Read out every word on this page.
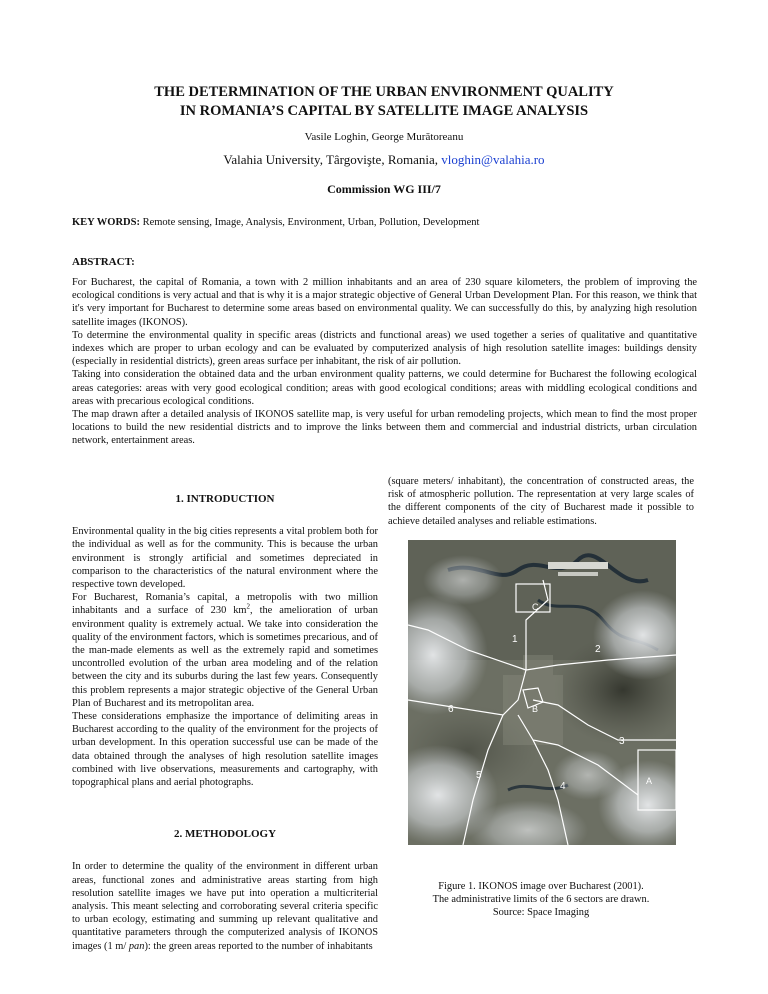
THE DETERMINATION OF THE URBAN ENVIRONMENT QUALITY
IN ROMANIA’S CAPITAL BY SATELLITE IMAGE ANALYSIS
Vasile Loghin, George Murătoreanu
Valahia University, Târgovişte, Romania, vloghin@valahia.ro
Commission WG III/7
KEY WORDS: Remote sensing, Image, Analysis, Environment, Urban, Pollution, Development
ABSTRACT:

For Bucharest, the capital of Romania, a town with 2 million inhabitants and an area of 230 square kilometers, the problem of improving the ecological conditions is very actual and that is why it is a major strategic objective of General Urban Development Plan. For this reason, we think that it's very important for Bucharest to determine some areas based on environmental quality. We can successfully do this, by analyzing high resolution satellite images (IKONOS).

To determine the environmental quality in specific areas (districts and functional areas) we used together a series of qualitative and quantitative indexes which are proper to urban ecology and can be evaluated by computerized analysis of high resolution satellite images: buildings density (especially in residential districts), green areas surface per inhabitant, the risk of air pollution.

Taking into consideration the obtained data and the urban environment quality patterns, we could determine for Bucharest the following ecological areas categories: areas with very good ecological condition; areas with good ecological conditions; areas with middling ecological conditions and areas with precarious ecological conditions.

The map drawn after a detailed analysis of IKONOS satellite map, is very useful for urban remodeling projects, which mean to find the most proper locations to build the new residential districts and to improve the links between them and commercial and industrial districts, urban circulation network, entertainment areas.

1. INTRODUCTION

Environmental quality in the big cities represents a vital problem both for the individual as well as for the community. This is because the urban environment is strongly artificial and sometimes depreciated in comparison to the characteristics of the natural environment where the respective town developed.

For Bucharest, Romania’s capital, a metropolis with two million inhabitants and a surface of 230 $km^2$, the amelioration of urban environment quality is extremely actual. We take into consideration the quality of the environment factors, which is sometimes precarious, and of the man-made elements as well as the extremely rapid and sometimes uncontrolled evolution of the urban area modeling and of the relation between the city and its suburbs during the last few years. Consequently this problem represents a major strategic objective of the General Urban Plan of Bucharest and its metropolitan area.

These considerations emphasize the importance of delimiting areas in Bucharest according to the quality of the environment for the projects of urban development. In this operation successful use can be made of the data obtained through the analyses of high resolution satellite images combined with live observations, measurements and cartography, with topographical plans and aerial photographs.

2. METHODOLOGY

In order to determine the quality of the environment in different urban areas, functional zones and administrative areas starting from high resolution satellite images we have put into operation a multicriterial analysis. This meant selecting and corroborating several criteria specific to urban ecology, estimating and summing up relevant qualitative and quantitative parameters through the computerized analysis of IKONOS images (1 m/ pan): the green areas reported to the number of inhabitants

(square meters/ inhabitant), the concentration of constructed areas, the risk of atmospheric pollution. The representation at very large scales of the different components of the city of Bucharest made it possible to achieve detailed analyses and reliable estimations.

C
1
2
6	B
3
5
4	A

Figure 1. IKONOS image over Bucharest (2001).

The administrative limits of the 6 sectors are drawn.

Source: Space Imaging
